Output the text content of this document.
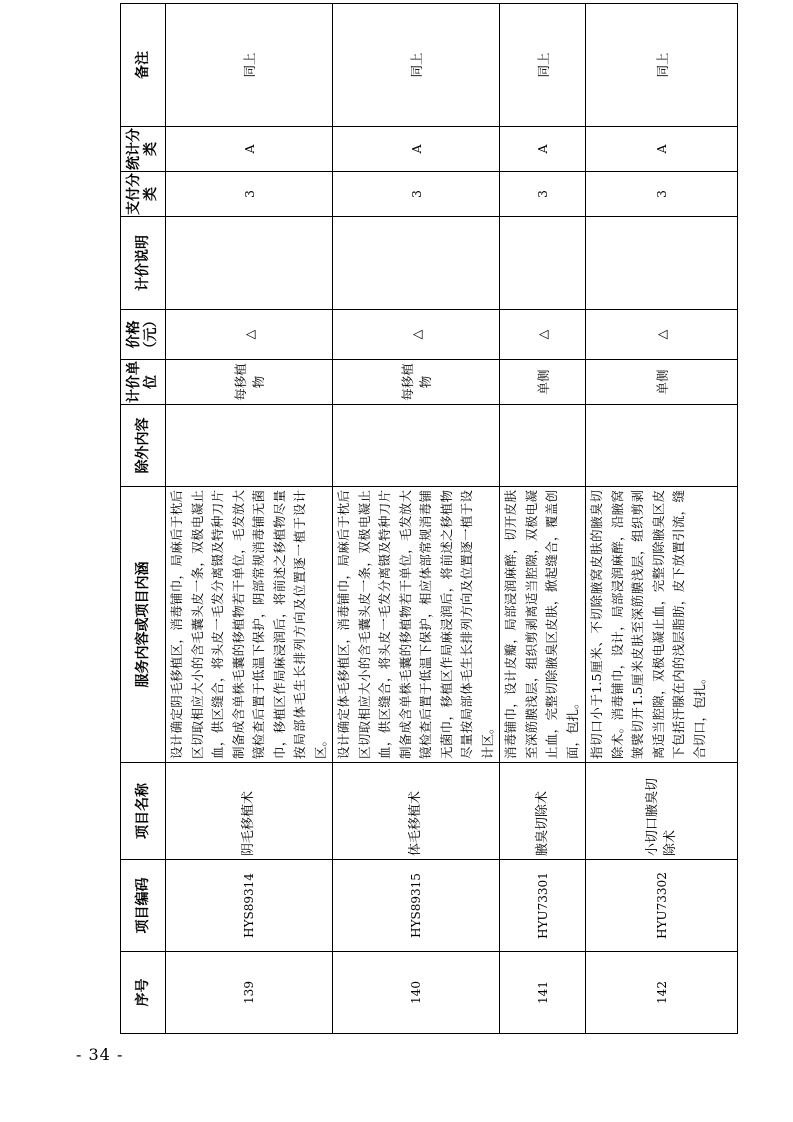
- 34 -
序号	项目编码	项目名称	服务内容或项目内涵	除外内容	计价单位	价格（元）	计价说明	支付分类	统计分类	备注
139	HYS89314	阴毛移植术	设计确定阴毛移植区，消毒铺巾，局麻后于枕后区切取相应大小的含毛囊头皮一条，双极电凝止血，供区缝合，将头皮一毛发分离镊及特种刀片制备成含单株毛囊的移植物若干单位，毛发放大镜检查后置于低温下保护，阴部常规消毒铺无菌巾，移植区作局麻浸润后，将前述之移植物尽量按局部体毛生长排列方向及位置逐一植于设计区。		每移植物	△		3	A	同上
140	HYS89315	体毛移植术	设计确定体毛移植区，消毒铺巾，局麻后于枕后区切取相应大小的含毛囊头皮一条，双极电凝止血，供区缝合，将头皮一毛发分离镊及特种刀片制备成含单株毛囊的移植物若干单位，毛发放大镜检查后置于低温下保护，相应体部常规消毒铺无菌巾，移植区作局麻浸润后，将前述之移植物尽量按局部体毛生长排列方向及位置逐一植于设计区。		每移植物	△		3	A	同上
141	HYU73301	腋臭切除术	消毒铺巾，设计皮瓣，局部浸润麻醉，切开皮肤至深筋膜浅层，组织剪剥离适当腔隙，双极电凝止血，完整切除腋臭区皮肤，掀起缝合，覆盖创面，包扎。		单侧	△		3	A	同上
142	HYU73302	小切口腋臭切除术	指切口小于1.5厘米、不切除腋窝皮肤的腋臭切除术。消毒铺巾，设计，局部浸润麻醉，沿腋窝皱襞切开1.5厘米皮肤至深筋膜浅层，组织剪剥离适当腔隙，双极电凝止血，完整切除腋臭区皮下包括汗腺在内的浅层脂肪，皮下放置引流，缝合切口，包扎。		单侧	△		3	A	同上
